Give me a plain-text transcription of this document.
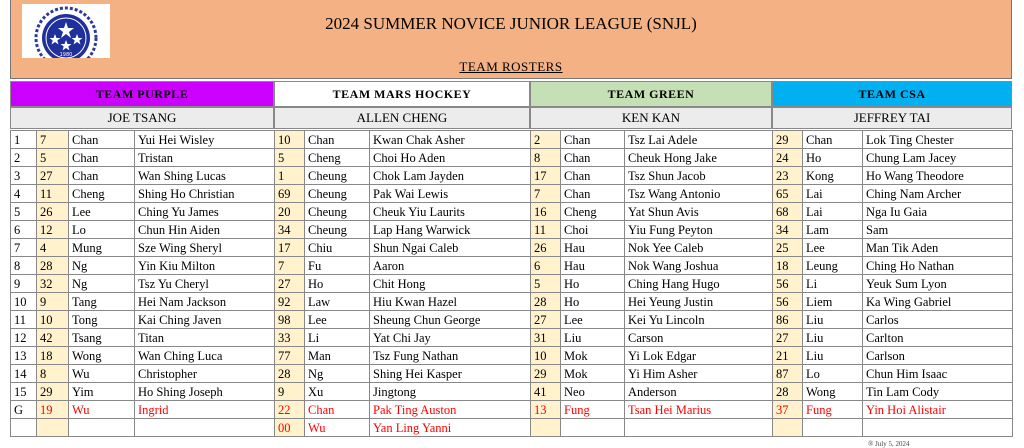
2024 SUMMER NOVICE JUNIOR LEAGUE (SNJL)
1980
TEAM ROSTERS
TEAM PURPLE	TEAM MARS HOCKEY	TEAM GREEN	TEAM CSA
JOE TSANG	ALLEN CHENG	KEN KAN	JEFFREY TAI
1	7	Chan	Yui Hei Wisley	10	Chan	Kwan Chak Asher	2	Chan	Tsz Lai Adele	29	Chan	Lok Ting Chester
2	5	Chan	Tristan	5	Cheng	Choi Ho Aden	8	Chan	Cheuk Hong Jake	24	Ho	Chung Lam Jacey
3	27	Chan	Wan Shing Lucas	1	Cheung	Chok Lam Jayden	17	Chan	Tsz Shun Jacob	23	Kong	Ho Wang Theodore
4	11	Cheng	Shing Ho Christian	69	Cheung	Pak Wai Lewis	7	Chan	Tsz Wang Antonio	65	Lai	Ching Nam Archer
5	26	Lee	Ching Yu James	20	Cheung	Cheuk Yiu Laurits	16	Cheng	Yat Shun Avis	68	Lai	Nga Iu Gaia
6	12	Lo	Chun Hin Aiden	34	Cheung	Lap Hang Warwick	11	Choi	Yiu Fung Peyton	34	Lam	Sam
7	4	Mung	Sze Wing Sheryl	17	Chiu	Shun Ngai Caleb	26	Hau	Nok Yee Caleb	25	Lee	Man Tik Aden
8	28	Ng	Yin Kiu Milton	7	Fu	Aaron	6	Hau	Nok Wang Joshua	18	Leung	Ching Ho Nathan
9	32	Ng	Tsz Yu Cheryl	27	Ho	Chit Hong	5	Ho	Ching Hang Hugo	56	Li	Yeuk Sum Lyon
10	9	Tang	Hei Nam Jackson	92	Law	Hiu Kwan Hazel	28	Ho	Hei Yeung Justin	56	Liem	Ka Wing Gabriel
11	10	Tong	Kai Ching Javen	98	Lee	Sheung Chun George	27	Lee	Kei Yu Lincoln	86	Liu	Carlos
12	42	Tsang	Titan	33	Li	Yat Chi Jay	31	Liu	Carson	27	Liu	Carlton
13	18	Wong	Wan Ching Luca	77	Man	Tsz Fung Nathan	10	Mok	Yi Lok Edgar	21	Liu	Carlson
14	8	Wu	Christopher	28	Ng	Shing Hei Kasper	29	Mok	Yi Him Asher	87	Lo	Chun Him Isaac
15	29	Yim	Ho Shing Joseph	9	Xu	Jingtong	41	Neo	Anderson	28	Wong	Tin Lam Cody
G	19	Wu	Ingrid	22	Chan	Pak Ting Auston	13	Fung	Tsan Hei Marius	37	Fung	Yin Hoi Alistair
				00	Wu	Yan Ling Yanni						
® July 5, 2024
